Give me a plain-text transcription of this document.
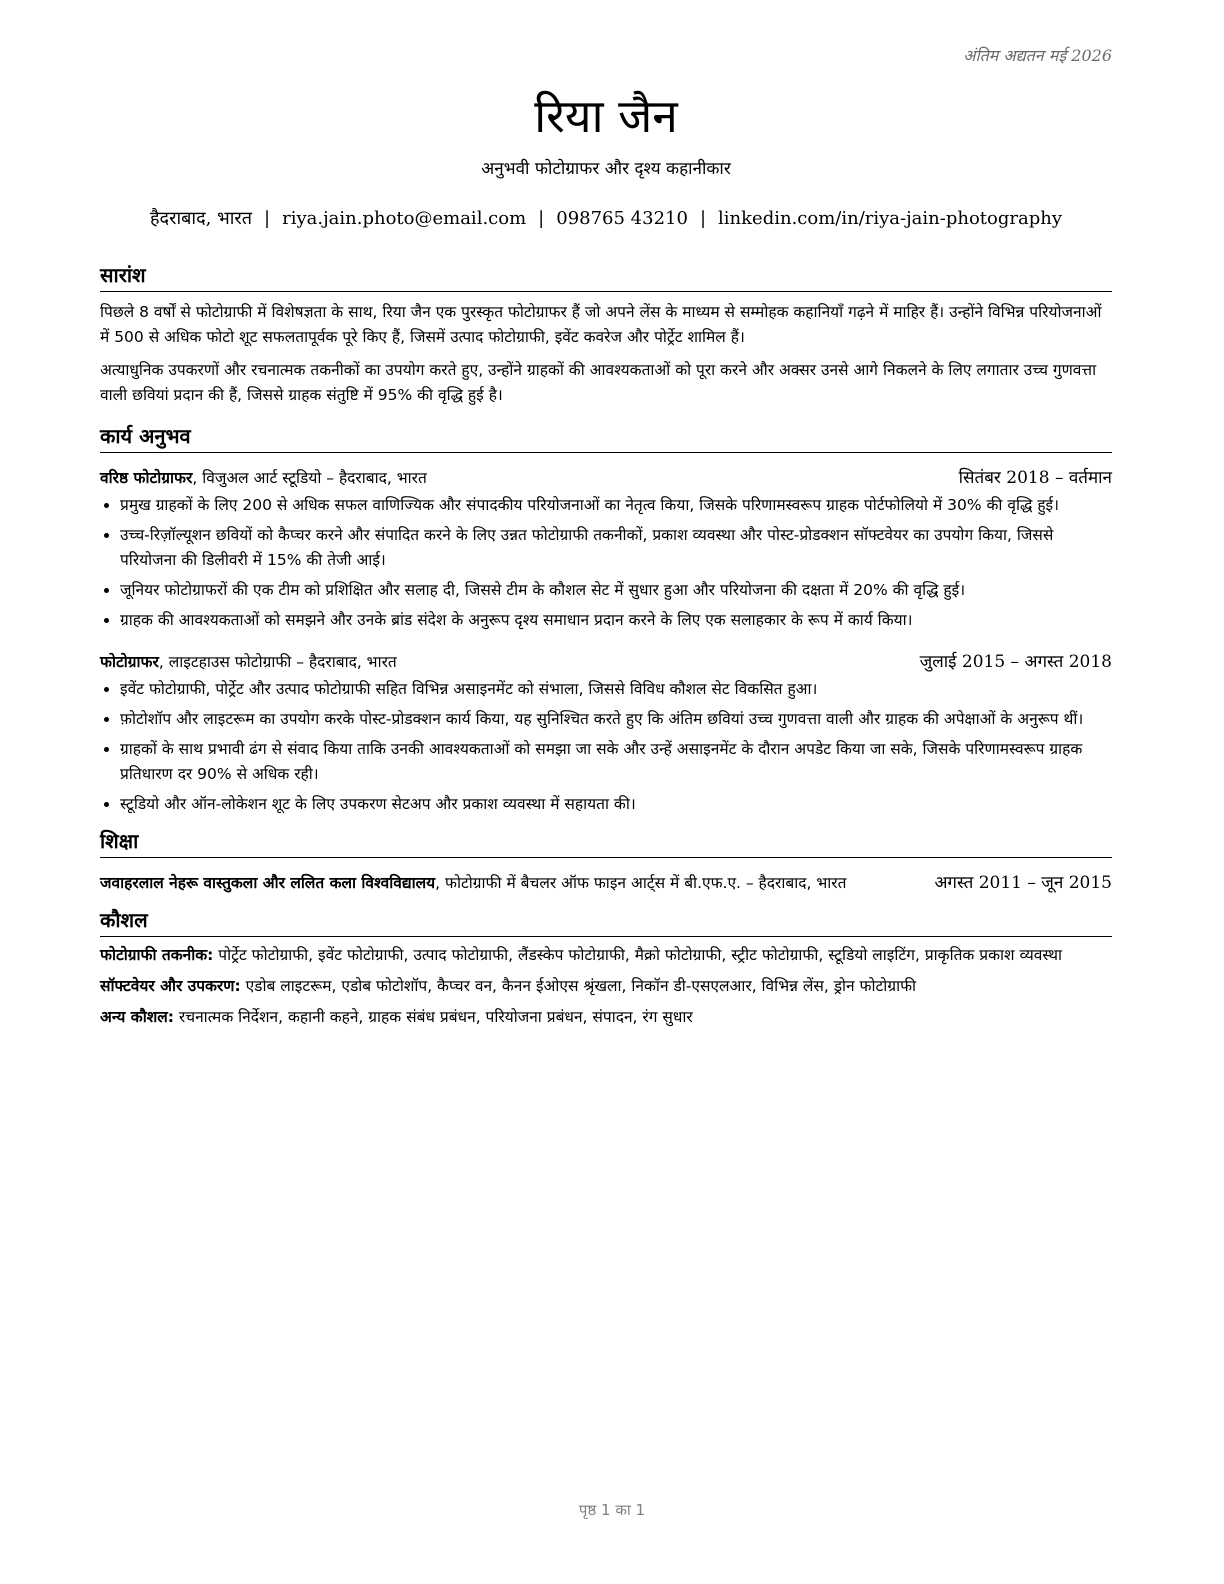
अंतिम अद्यतन मई 2026
रिया जैन
अनुभवी फोटोग्राफर और दृश्य कहानीकार
हैदराबाद, भारत | riya.jain.photo@email.com | 098765 43210 | linkedin.com/in/riya-jain-photography
सारांश

पिछले 8 वर्षों से फोटोग्राफी में विशेषज्ञता के साथ, रिया जैन एक पुरस्कृत फोटोग्राफर हैं जो अपने लेंस के माध्यम से सम्मोहक कहानियाँ गढ़ने में माहिर हैं। उन्होंने विभिन्न परियोजनाओं में 500 से अधिक फोटो शूट सफलतापूर्वक पूरे किए हैं, जिसमें उत्पाद फोटोग्राफी, इवेंट कवरेज और पोर्ट्रेट शामिल हैं।

अत्याधुनिक उपकरणों और रचनात्मक तकनीकों का उपयोग करते हुए, उन्होंने ग्राहकों की आवश्यकताओं को पूरा करने और अक्सर उनसे आगे निकलने के लिए लगातार उच्च गुणवत्ता वाली छवियां प्रदान की हैं, जिससे ग्राहक संतुष्टि में 95% की वृद्धि हुई है।

कार्य अनुभव
वरिष्ठ फोटोग्राफर, विजुअल आर्ट स्टूडियो – हैदराबाद, भारत	सितंबर 2018 – वर्तमान
• प्रमुख ग्राहकों के लिए 200 से अधिक सफल वाणिज्यिक और संपादकीय परियोजनाओं का नेतृत्व किया, जिसके परिणामस्वरूप ग्राहक पोर्टफोलियो में 30% की वृद्धि हुई।
• उच्च-रिज़ॉल्यूशन छवियों को कैप्चर करने और संपादित करने के लिए उन्नत फोटोग्राफी तकनीकों, प्रकाश व्यवस्था और पोस्ट-प्रोडक्शन सॉफ्टवेयर का उपयोग किया, जिससे परियोजना की डिलीवरी में 15% की तेजी आई।
• जूनियर फोटोग्राफरों की एक टीम को प्रशिक्षित और सलाह दी, जिससे टीम के कौशल सेट में सुधार हुआ और परियोजना की दक्षता में 20% की वृद्धि हुई।
• ग्राहक की आवश्यकताओं को समझने और उनके ब्रांड संदेश के अनुरूप दृश्य समाधान प्रदान करने के लिए एक सलाहकार के रूप में कार्य किया।
फोटोग्राफर, लाइटहाउस फोटोग्राफी – हैदराबाद, भारत	जुलाई 2015 – अगस्त 2018
• इवेंट फोटोग्राफी, पोर्ट्रेट और उत्पाद फोटोग्राफी सहित विभिन्न असाइनमेंट को संभाला, जिससे विविध कौशल सेट विकसित हुआ।
• फ़ोटोशॉप और लाइटरूम का उपयोग करके पोस्ट-प्रोडक्शन कार्य किया, यह सुनिश्चित करते हुए कि अंतिम छवियां उच्च गुणवत्ता वाली और ग्राहक की अपेक्षाओं के अनुरूप थीं।
• ग्राहकों के साथ प्रभावी ढंग से संवाद किया ताकि उनकी आवश्यकताओं को समझा जा सके और उन्हें असाइनमेंट के दौरान अपडेट किया जा सके, जिसके परिणामस्वरूप ग्राहक प्रतिधारण दर 90% से अधिक रही।
• स्टूडियो और ऑन-लोकेशन शूट के लिए उपकरण सेटअप और प्रकाश व्यवस्था में सहायता की।
शिक्षा
जवाहरलाल नेहरू वास्तुकला और ललित कला विश्वविद्यालय, फोटोग्राफी में बैचलर ऑफ फाइन आर्ट्स में बी.एफ.ए. – हैदराबाद, भारत	अगस्त 2011 – जून 2015
कौशल
फोटोग्राफी तकनीक: पोर्ट्रेट फोटोग्राफी, इवेंट फोटोग्राफी, उत्पाद फोटोग्राफी, लैंडस्केप फोटोग्राफी, मैक्रो फोटोग्राफी, स्ट्रीट फोटोग्राफी, स्टूडियो लाइटिंग, प्राकृतिक प्रकाश व्यवस्था
सॉफ्टवेयर और उपकरण: एडोब लाइटरूम, एडोब फोटोशॉप, कैप्चर वन, कैनन ईओएस श्रृंखला, निकॉन डी-एसएलआर, विभिन्न लेंस, ड्रोन फोटोग्राफी
अन्य कौशल: रचनात्मक निर्देशन, कहानी कहने, ग्राहक संबंध प्रबंधन, परियोजना प्रबंधन, संपादन, रंग सुधार
पृष्ठ 1 का 1
